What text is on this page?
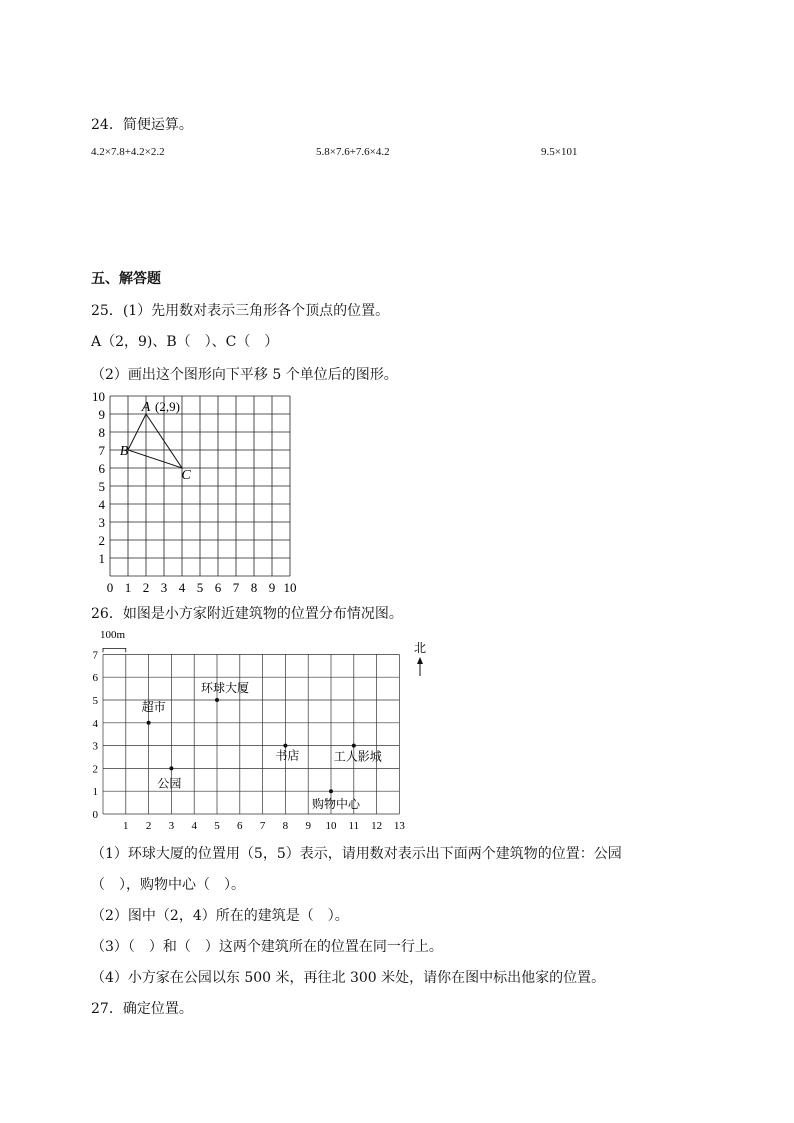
24．简便运算。
4.2×7.8+4.2×2.2	5.8×7.6+7.6×4.2	9.5×101
五、解答题
25．(1）先用数对表示三角形各个顶点的位置。
A（2，9)、B（　）、C（　）
（2）画出这个图形向下平移 5 个单位后的图形。
0 1 2 3 4 5 6 7 8 9 10
1
2
3
4
5
6
7
8
9
10
A (2,9)
B
C
26．如图是小方家附近建筑物的位置分布情况图。
1 2 3 4 5 6 7 8 9 10 11 12 13
0
1
2
3
4
5
6
7
100m
北
超市
环球大厦
公园
书店	工人影城
购物中心
（1）环球大厦的位置用（5，5）表示，请用数对表示出下面两个建筑物的位置：公园
（　），购物中心（　）。
（2）图中（2，4）所在的建筑是（　）。
（3）（　）和（　）这两个建筑所在的位置在同一行上。
（4）小方家在公园以东 500 米，再往北 300 米处，请你在图中标出他家的位置。
27．确定位置。
